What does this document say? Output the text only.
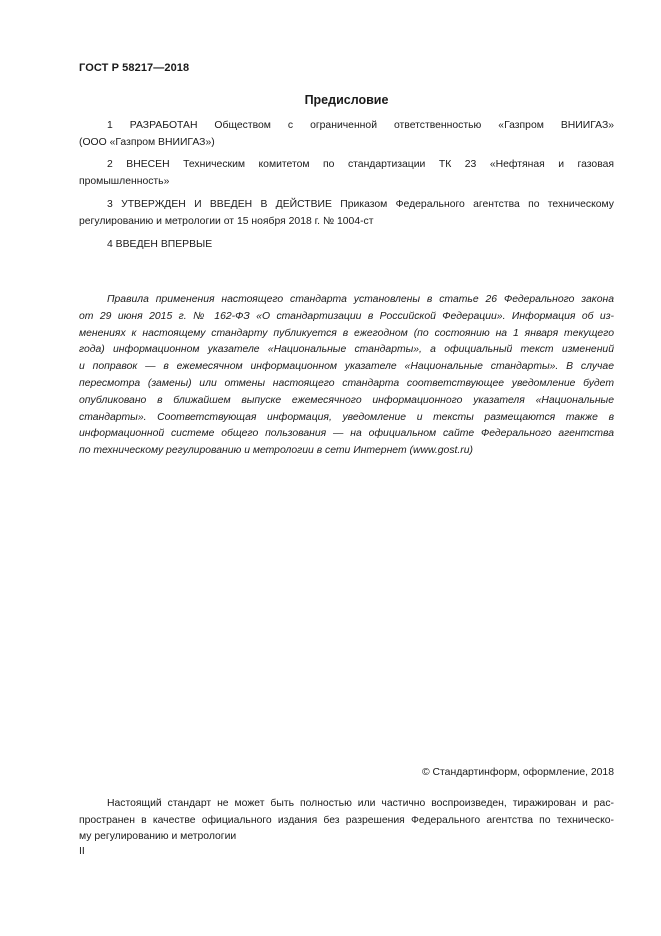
ГОСТ Р 58217—2018
Предисловие
1 РАЗРАБОТАН Обществом с ограниченной ответственностью «Газпром ВНИИГАЗ»
(ООО «Газпром ВНИИГАЗ»)
2 ВНЕСЕН Техническим комитетом по стандартизации ТК 23 «Нефтяная и газовая
промышленность»
3 УТВЕРЖДЕН И ВВЕДЕН В ДЕЙСТВИЕ Приказом Федерального агентства по техническому
регулированию и метрологии от 15 ноября 2018 г. № 1004-ст
4 ВВЕДЕН ВПЕРВЫЕ
Правила применения настоящего стандарта установлены в статье 26 Федерального закона
от 29 июня 2015 г. № 162-ФЗ «О стандартизации в Российской Федерации». Информация об из-
менениях к настоящему стандарту публикуется в ежегодном (по состоянию на 1 января текущего
года) информационном указателе «Национальные стандарты», а официальный текст изменений
и поправок — в ежемесячном информационном указателе «Национальные стандарты». В случае
пересмотра (замены) или отмены настоящего стандарта соответствующее уведомление будет
опубликовано в ближайшем выпуске ежемесячного информационного указателя «Национальные
стандарты». Соответствующая информация, уведомление и тексты размещаются также в
информационной системе общего пользования — на официальном сайте Федерального агентства
по техническому регулированию и метрологии в сети Интернет (www.gost.ru)
© Стандартинформ, оформление, 2018
Настоящий стандарт не может быть полностью или частично воспроизведен, тиражирован и рас-
пространен в качестве официального издания без разрешения Федерального агентства по техническо-
му регулированию и метрологии
II
